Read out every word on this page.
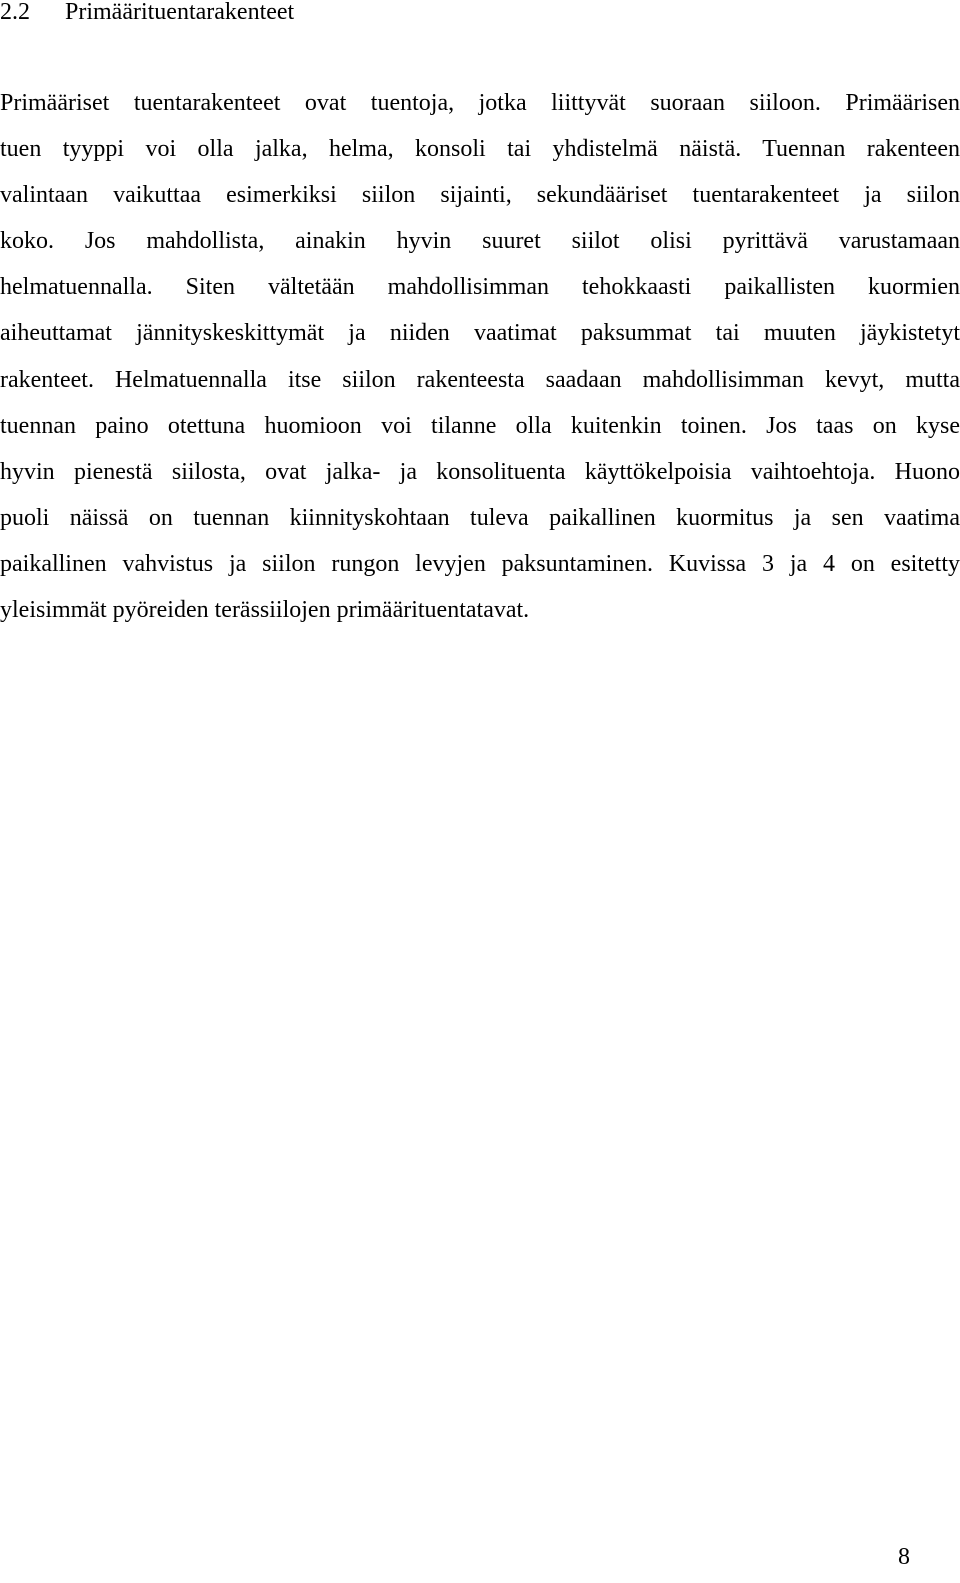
2.2 Primäärituentarakenteet
Primääriset tuentarakenteet ovat tuentoja, jotka liittyvät suoraan siiloon. Primäärisen
tuen tyyppi voi olla jalka, helma, konsoli tai yhdistelmä näistä. Tuennan rakenteen
valintaan vaikuttaa esimerkiksi siilon sijainti, sekundääriset tuentarakenteet ja siilon
koko. Jos mahdollista, ainakin hyvin suuret siilot olisi pyrittävä varustamaan
helmatuennalla. Siten vältetään mahdollisimman tehokkaasti paikallisten kuormien
aiheuttamat jännityskeskittymät ja niiden vaatimat paksummat tai muuten jäykistetyt
rakenteet. Helmatuennalla itse siilon rakenteesta saadaan mahdollisimman kevyt, mutta
tuennan paino otettuna huomioon voi tilanne olla kuitenkin toinen. Jos taas on kyse
hyvin pienestä siilosta, ovat jalka- ja konsolituenta käyttökelpoisia vaihtoehtoja. Huono
puoli näissä on tuennan kiinnityskohtaan tuleva paikallinen kuormitus ja sen vaatima
paikallinen vahvistus ja siilon rungon levyjen paksuntaminen. Kuvissa 3 ja 4 on esitetty
yleisimmät pyöreiden terässiilojen primäärituentatavat.
8
